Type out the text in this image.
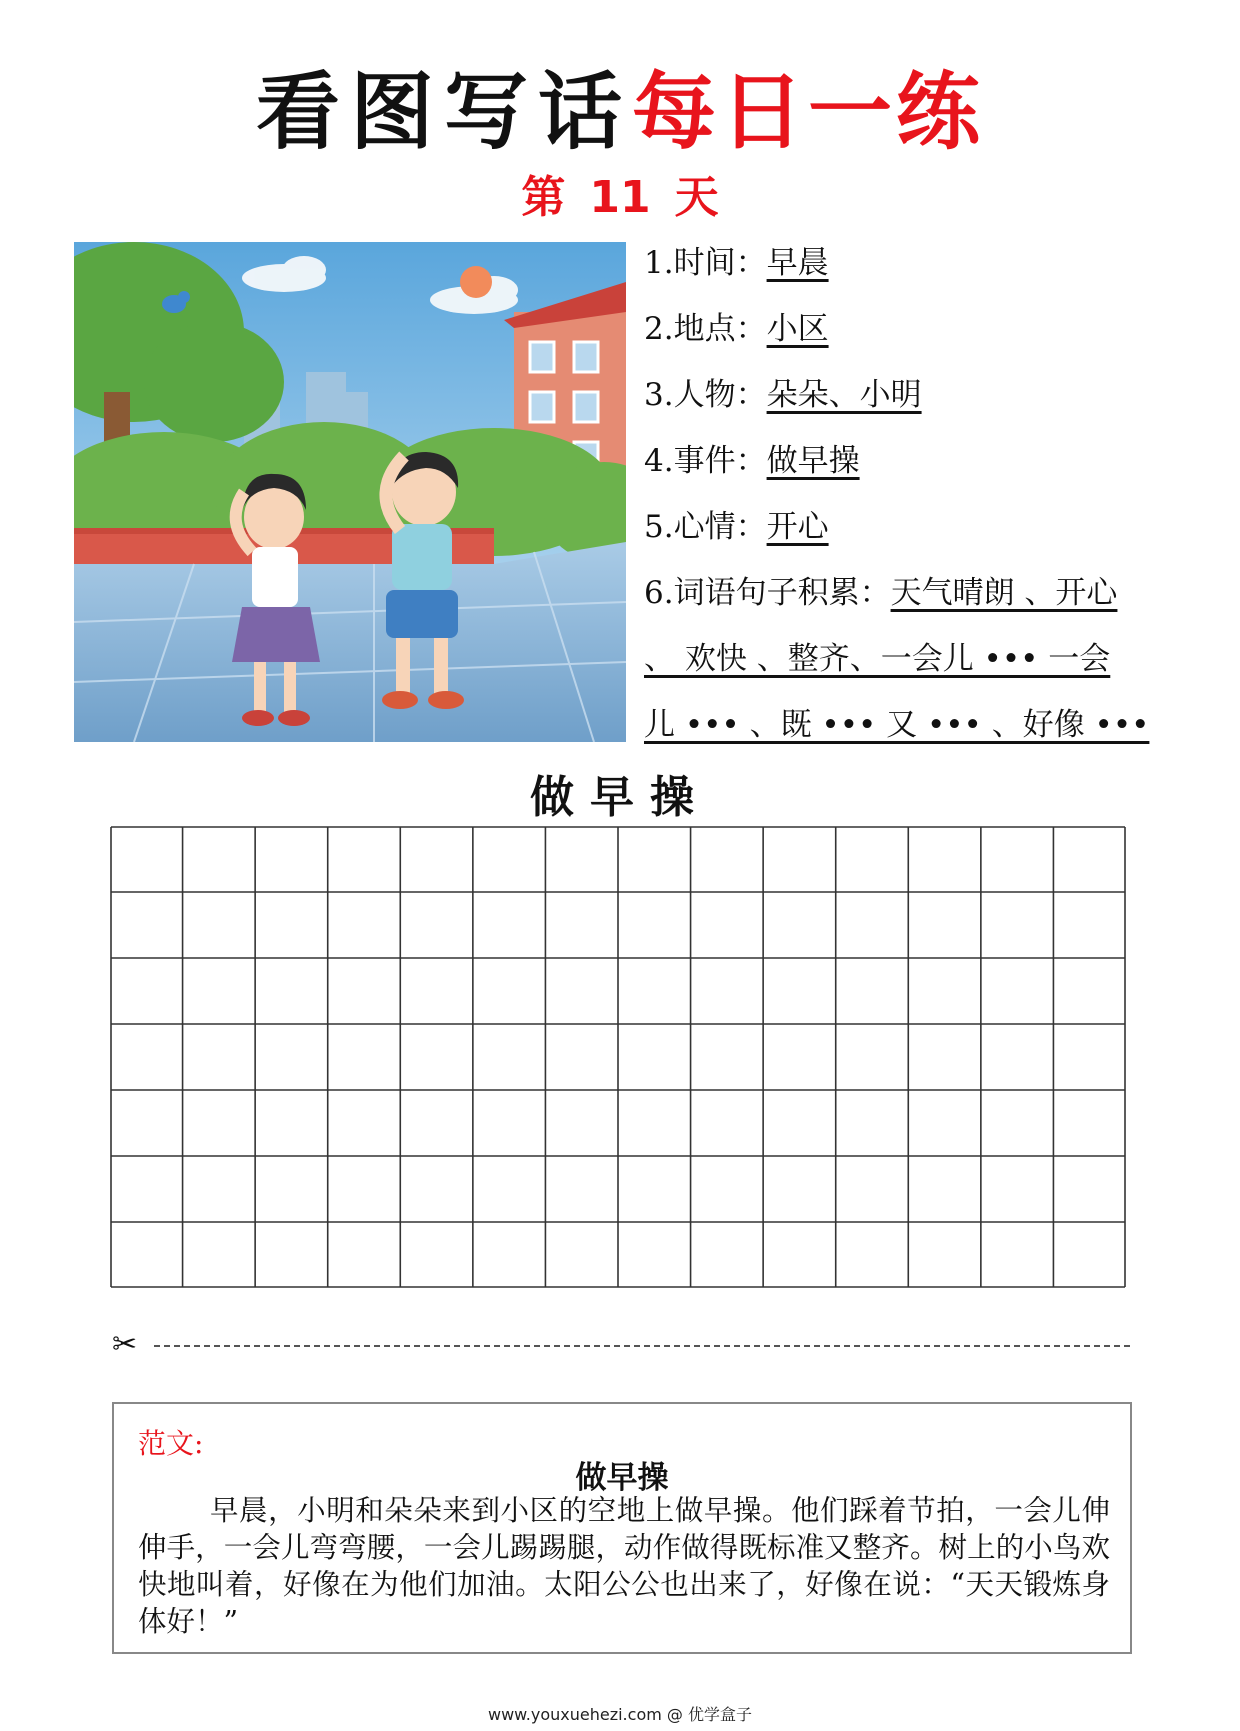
看图写话每日一练
第 11 天
1.时间：早晨
2.地点：小区
3.人物：朵朵、小明
4.事件：做早操
5.心情：开心
6.词语句子积累：天气晴朗 、开心
、 欢快 、整齐、一会儿 ••• 一会
儿 ••• 、既 ••• 又 ••• 、好像 •••
做早操
✂
范文:
做早操
早晨，小明和朵朵来到小区的空地上做早操。他们踩着节拍，一会儿伸伸手，一会儿弯弯腰，一会儿踢踢腿，动作做得既标准又整齐。树上的小鸟欢快地叫着，好像在为他们加油。太阳公公也出来了，好像在说：“天天锻炼身体好！”
www.youxuehezi.com @ 优学盒子
